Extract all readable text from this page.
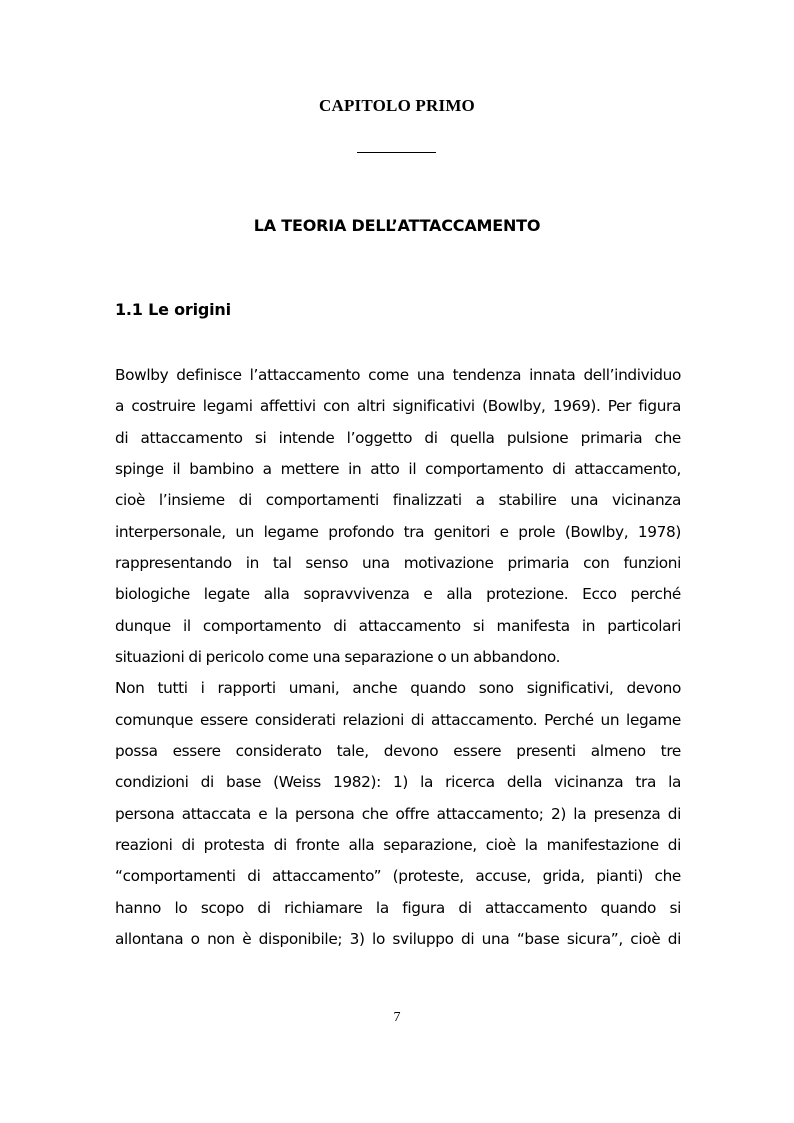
CAPITOLO PRIMO
LA TEORIA DELL’ATTACCAMENTO
1.1 Le origini
Bowlby definisce l’attaccamento come una tendenza innata dell’individuo
a costruire legami affettivi con altri significativi (Bowlby, 1969). Per figura
di attaccamento si intende l’oggetto di quella pulsione primaria che
spinge il bambino a mettere in atto il comportamento di attaccamento,
cioè l’insieme di comportamenti finalizzati a stabilire una vicinanza
interpersonale, un legame profondo tra genitori e prole (Bowlby, 1978)
rappresentando in tal senso una motivazione primaria con funzioni
biologiche legate alla sopravvivenza e alla protezione. Ecco perché
dunque il comportamento di attaccamento si manifesta in particolari
situazioni di pericolo come una separazione o un abbandono.
Non tutti i rapporti umani, anche quando sono significativi, devono
comunque essere considerati relazioni di attaccamento. Perché un legame
possa essere considerato tale, devono essere presenti almeno tre
condizioni di base (Weiss 1982): 1) la ricerca della vicinanza tra la
persona attaccata e la persona che offre attaccamento; 2) la presenza di
reazioni di protesta di fronte alla separazione, cioè la manifestazione di
“comportamenti di attaccamento” (proteste, accuse, grida, pianti) che
hanno lo scopo di richiamare la figura di attaccamento quando si
allontana o non è disponibile; 3) lo sviluppo di una “base sicura”, cioè di
7
